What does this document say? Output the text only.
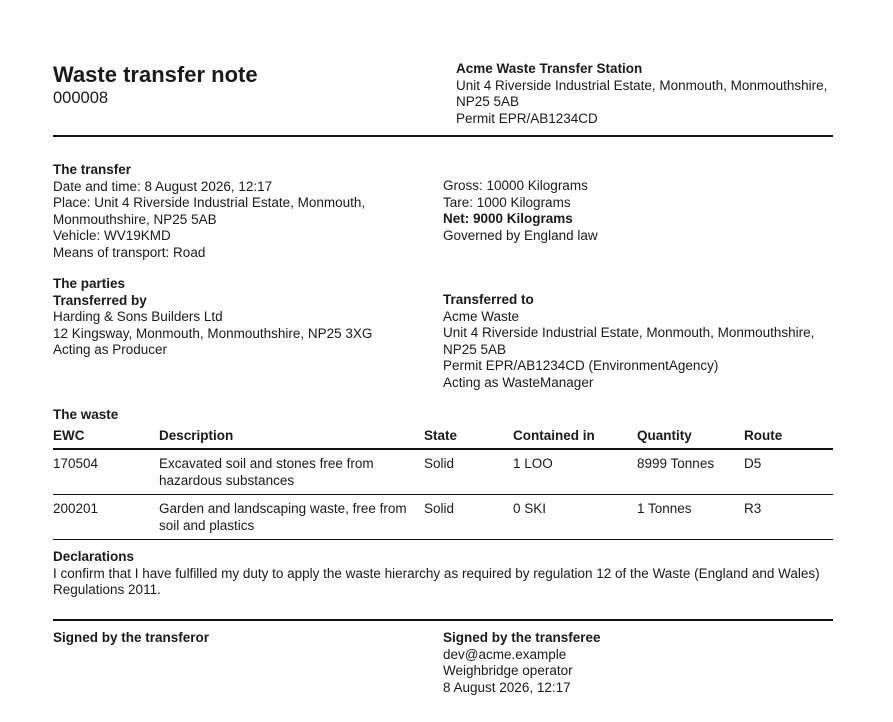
Waste transfer note
000008
Acme Waste Transfer Station
Unit 4 Riverside Industrial Estate, Monmouth, Monmouthshire, NP25 5AB
Permit EPR/AB1234CD
The transfer
Date and time: 8 August 2026, 12:17
Place: Unit 4 Riverside Industrial Estate, Monmouth, Monmouthshire, NP25 5AB
Vehicle: WV19KMD
Means of transport: Road
Gross: 10000 Kilograms
Tare: 1000 Kilograms
Net: 9000 Kilograms
Governed by England law
The parties
Transferred by
Harding & Sons Builders Ltd
12 Kingsway, Monmouth, Monmouthshire, NP25 3XG
Acting as Producer
Transferred to
Acme Waste
Unit 4 Riverside Industrial Estate, Monmouth, Monmouthshire, NP25 5AB
Permit EPR/AB1234CD (EnvironmentAgency)
Acting as WasteManager
The waste
EWC	Description	State	Contained in	Quantity	Route
170504	Excavated soil and stones free from hazardous substances	Solid	1 LOO	8999 Tonnes	D5
200201	Garden and landscaping waste, free from soil and plastics	Solid	0 SKI	1 Tonnes	R3
Declarations
I confirm that I have fulfilled my duty to apply the waste hierarchy as required by regulation 12 of the Waste (England and Wales) Regulations 2011.
Signed by the transferor	Signed by the transferee
dev@acme.example
Weighbridge operator
8 August 2026, 12:17
